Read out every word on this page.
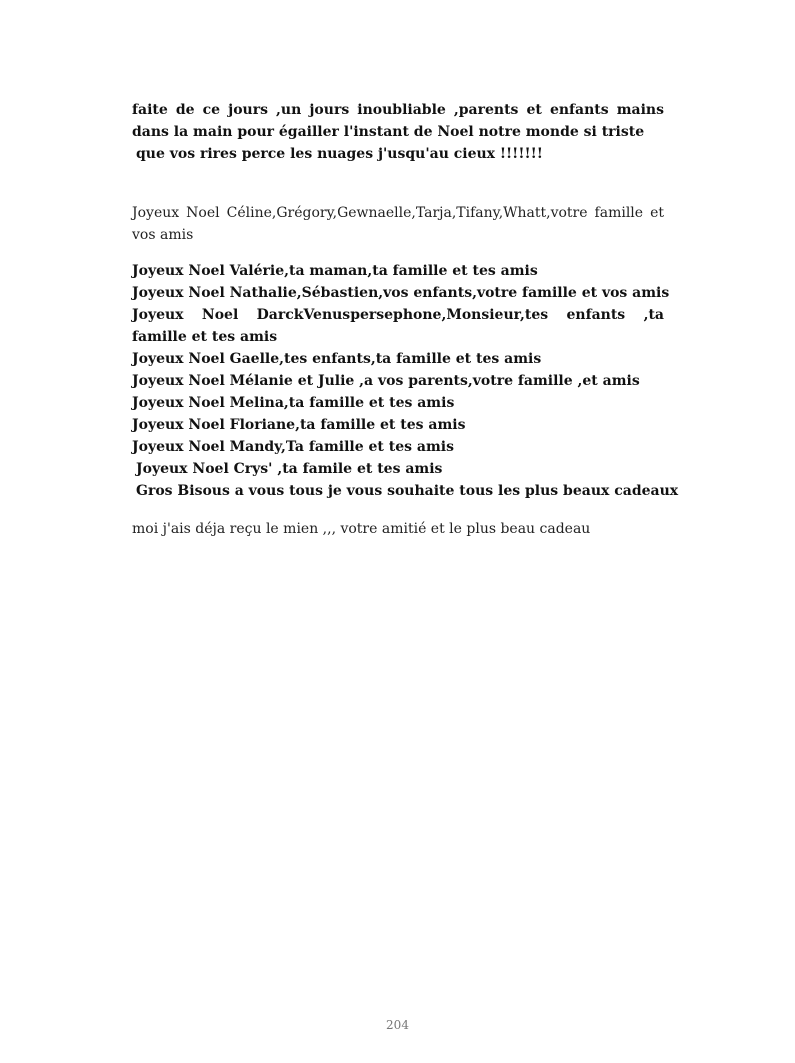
faite de ce jours ,un jours inoubliable ,parents et enfants mains dans la main pour égailler l'instant de Noel notre monde si triste
que vos rires perce les nuages j'usqu'au cieux !!!!!!!
Joyeux Noel Céline,Grégory,Gewnaelle,Tarja,Tifany,Whatt,votre famille et vos amis
Joyeux Noel Valérie,ta maman,ta famille et tes amis
Joyeux Noel Nathalie,Sébastien,vos enfants,votre famille et vos amis
Joyeux Noel DarckVenuspersephone,Monsieur,tes enfants ,ta famille et tes amis
Joyeux Noel Gaelle,tes enfants,ta famille et tes amis
Joyeux Noel Mélanie et Julie ,a vos parents,votre famille ,et amis
Joyeux Noel Melina,ta famille et tes amis
Joyeux Noel Floriane,ta famille et tes amis
Joyeux Noel Mandy,Ta famille et tes amis
Joyeux Noel Crys' ,ta famile et tes amis
Gros Bisous a vous tous je vous souhaite tous les plus beaux cadeaux
moi j'ais déja reçu le mien ,,, votre amitié et le plus beau cadeau
204
